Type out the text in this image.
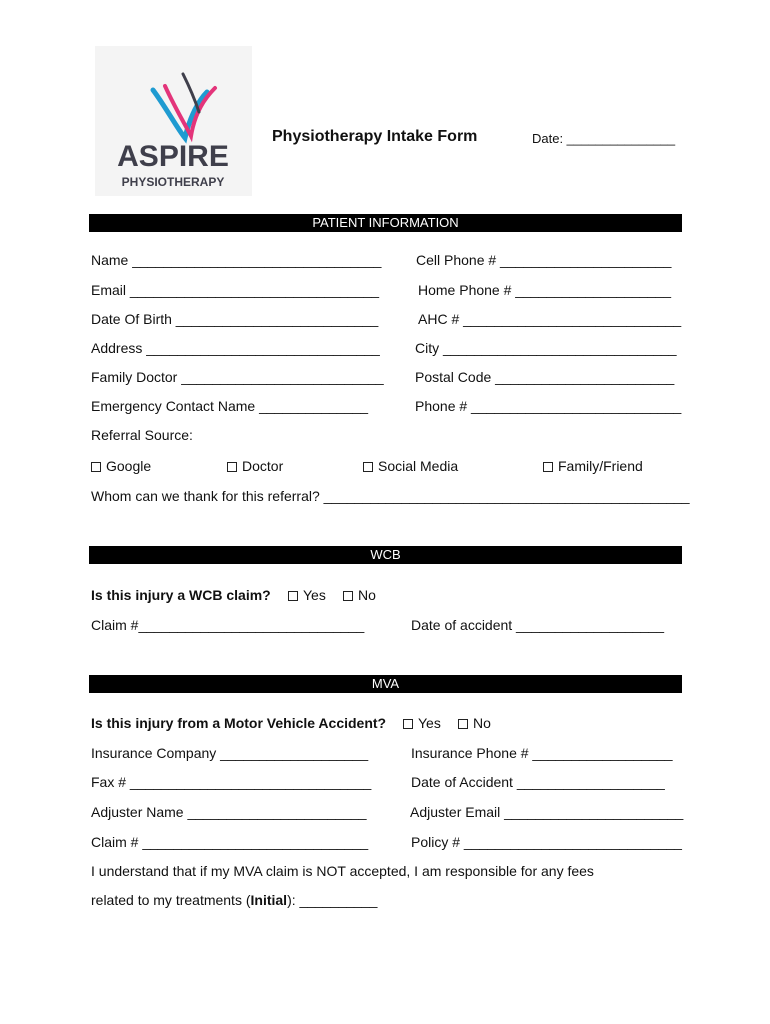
ASPIRE
PHYSIOTHERAPY
Physiotherapy Intake Form	Date: _______________
PATIENT INFORMATION
Name ________________________________ Cell Phone # ______________________
Email ________________________________	Home Phone # ____________________
Date Of Birth __________________________	AHC # ____________________________
Address ______________________________	City ______________________________
Family Doctor __________________________ Postal Code _______________________
Emergency Contact Name ______________	Phone # ___________________________
Referral Source:
Google	Doctor	Social Media	Family/Friend
Whom can we thank for this referral? _______________________________________________
WCB
Is this injury a WCB claim?	Yes	No
Claim #_____________________________	Date of accident ___________________
MVA
Is this injury from a Motor Vehicle Accident?	Yes	No
Insurance Company ___________________	Insurance Phone # __________________
Fax # _______________________________	Date of Accident ___________________
Adjuster Name _______________________	Adjuster Email _______________________
Claim # _____________________________	Policy # ____________________________
I understand that if my MVA claim is NOT accepted, I am responsible for any fees
related to my treatments (Initial): __________
